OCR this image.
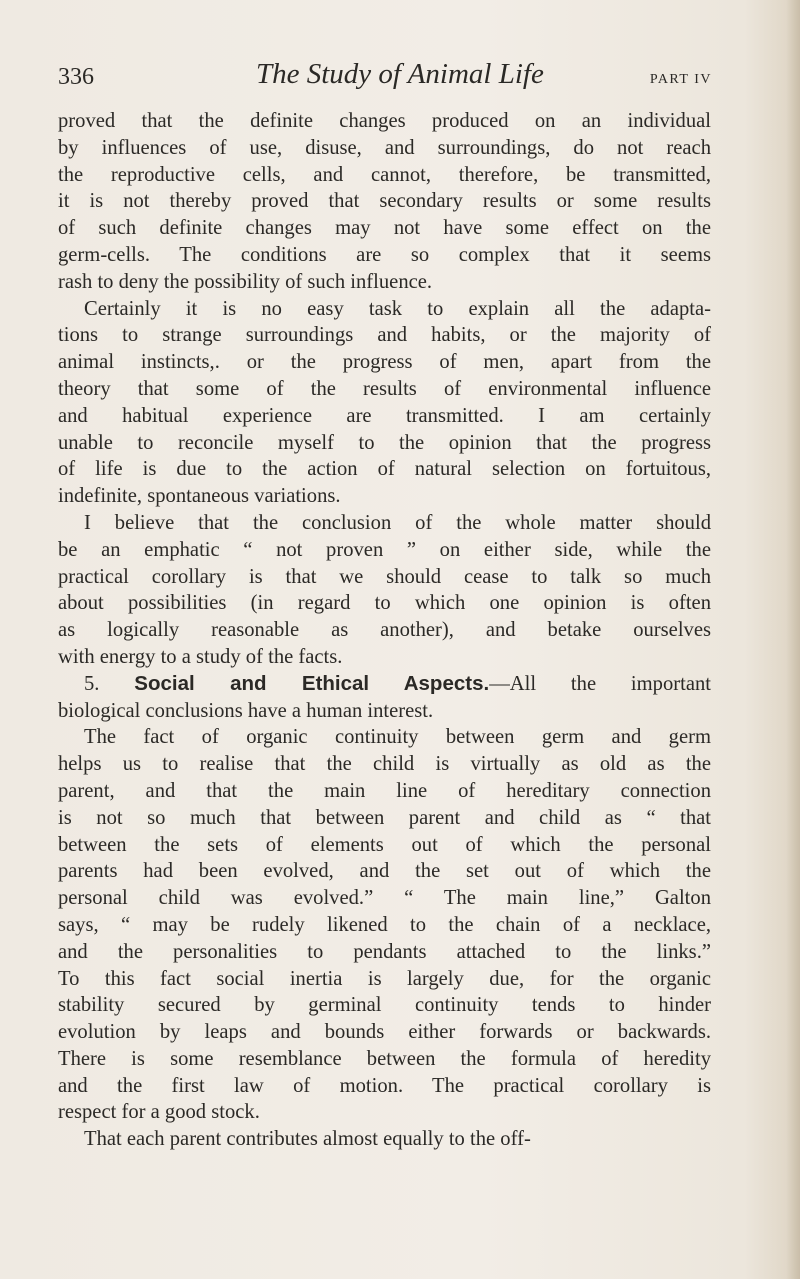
336	The Study of Animal Life	PART IV
proved that the definite changes produced on an individual
by influences of use, disuse, and surroundings, do not reach
the reproductive cells, and cannot, therefore, be transmitted,
it is not thereby proved that secondary results or some results
of such definite changes may not have some effect on the
germ-cells. The conditions are so complex that it seems
rash to deny the possibility of such influence.
Certainly it is no easy task to explain all the adapta-
tions to strange surroundings and habits, or the majority of
animal instincts,. or the progress of men, apart from the
theory that some of the results of environmental influence
and habitual experience are transmitted. I am certainly
unable to reconcile myself to the opinion that the progress
of life is due to the action of natural selection on fortuitous,
indefinite, spontaneous variations.
I believe that the conclusion of the whole matter should
be an emphatic “ not proven ” on either side, while the
practical corollary is that we should cease to talk so much
about possibilities (in regard to which one opinion is often
as logically reasonable as another), and betake ourselves
with energy to a study of the facts.
5. Social and Ethical Aspects.—All the important
biological conclusions have a human interest.
The fact of organic continuity between germ and germ
helps us to realise that the child is virtually as old as the
parent, and that the main line of hereditary connection
is not so much that between parent and child as “ that
between the sets of elements out of which the personal
parents had been evolved, and the set out of which the
personal child was evolved.” “ The main line,” Galton
says, “ may be rudely likened to the chain of a necklace,
and the personalities to pendants attached to the links.”
To this fact social inertia is largely due, for the organic
stability secured by germinal continuity tends to hinder
evolution by leaps and bounds either forwards or backwards.
There is some resemblance between the formula of heredity
and the first law of motion. The practical corollary is
respect for a good stock.
That each parent contributes almost equally to the off-
